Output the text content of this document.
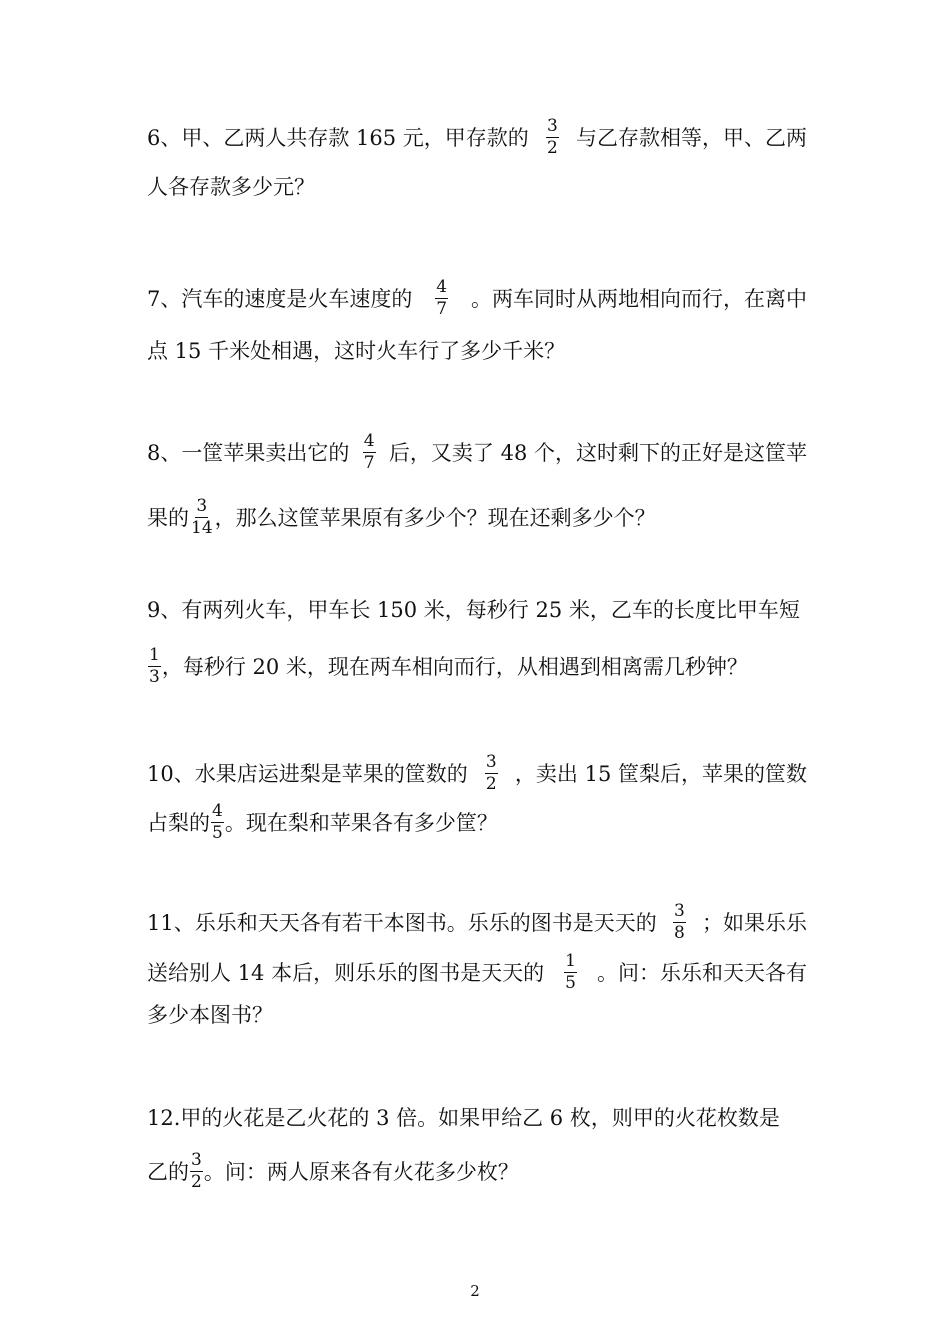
6、甲、乙两人共存款 165 元，甲存款的 $\frac{3}{2}$ 与乙存款相等，甲、乙两
人各存款多少元？
7、汽车的速度是火车速度的 $\frac{4}{7}$ 。两车同时从两地相向而行，在离中
点 15 千米处相遇，这时火车行了多少千米？
8、一筐苹果卖出它的 $\frac{4}{7}$ 后，又卖了 48 个，这时剩下的正好是这筐苹
果的 $\frac{3}{14}$ ，那么这筐苹果原有多少个？现在还剩多少个？
9、有两列火车，甲车长 150 米，每秒行 25 米，乙车的长度比甲车短
$\frac{1}{3}$ ，每秒行 20 米，现在两车相向而行，从相遇到相离需几秒钟？
10、水果店运进梨是苹果的筐数的 $\frac{3}{2}$ ，卖出 15 筐梨后，苹果的筐数
占梨的 $\frac{4}{5}$ 。现在梨和苹果各有多少筐？
11、乐乐和天天各有若干本图书。乐乐的图书是天天的 $\frac{3}{8}$ ；如果乐乐
送给别人 14 本后，则乐乐的图书是天天的 $\frac{1}{5}$ 。问：乐乐和天天各有
多少本图书？
12.甲的火花是乙火花的 3 倍。如果甲给乙 6 枚，则甲的火花枚数是
乙的 $\frac{3}{2}$ 。问：两人原来各有火花多少枚？
2
